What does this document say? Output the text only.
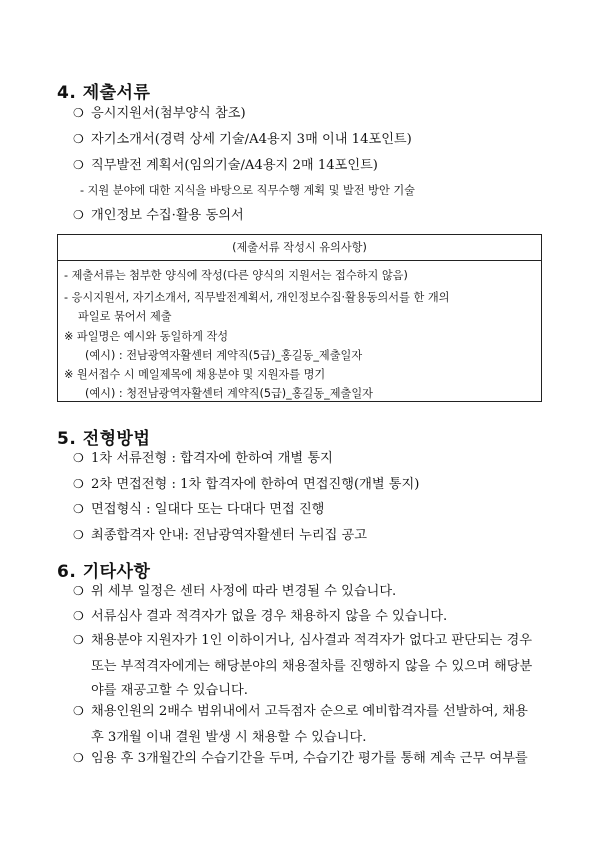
4. 제출서류
❍ 응시지원서(첨부양식 참조)
❍ 자기소개서(경력 상세 기술/A4용지 3매 이내 14포인트)
❍ 직무발전 계획서(임의기술/A4용지 2매 14포인트)
- 지원 분야에 대한 지식을 바탕으로 직무수행 계획 및 발전 방안 기술
❍ 개인정보 수집·활용 동의서
(제출서류 작성시 유의사항)
- 제출서류는 첨부한 양식에 작성(다른 양식의 지원서는 접수하지 않음)
- 응시지원서, 자기소개서, 직무발전계획서, 개인정보수집·활용동의서를 한 개의
파일로 묶어서 제출
※ 파일명은 예시와 동일하게 작성
(예시) : 전남광역자활센터 계약직(5급)_홍길동_제출일자
※ 원서접수 시 메일제목에 채용분야 및 지원자를 명기
(예시) : 청전남광역자활센터 계약직(5급)_홍길동_제출일자
5. 전형방법
❍ 1차 서류전형 : 합격자에 한하여 개별 통지
❍ 2차 면접전형 : 1차 합격자에 한하여 면접진행(개별 통지)
❍ 면접형식 : 일대다 또는 다대다 면접 진행
❍ 최종합격자 안내: 전남광역자활센터 누리집 공고
6. 기타사항
❍ 위 세부 일정은 센터 사정에 따라 변경될 수 있습니다.
❍ 서류심사 결과 적격자가 없을 경우 채용하지 않을 수 있습니다.
❍ 채용분야 지원자가 1인 이하이거나, 심사결과 적격자가 없다고 판단되는 경우
또는 부적격자에게는 해당분야의 채용절차를 진행하지 않을 수 있으며 해당분
야를 재공고할 수 있습니다.
❍ 채용인원의 2배수 범위내에서 고득점자 순으로 예비합격자를 선발하여, 채용
후 3개월 이내 결원 발생 시 채용할 수 있습니다.
❍ 임용 후 3개월간의 수습기간을 두며, 수습기간 평가를 통해 계속 근무 여부를
